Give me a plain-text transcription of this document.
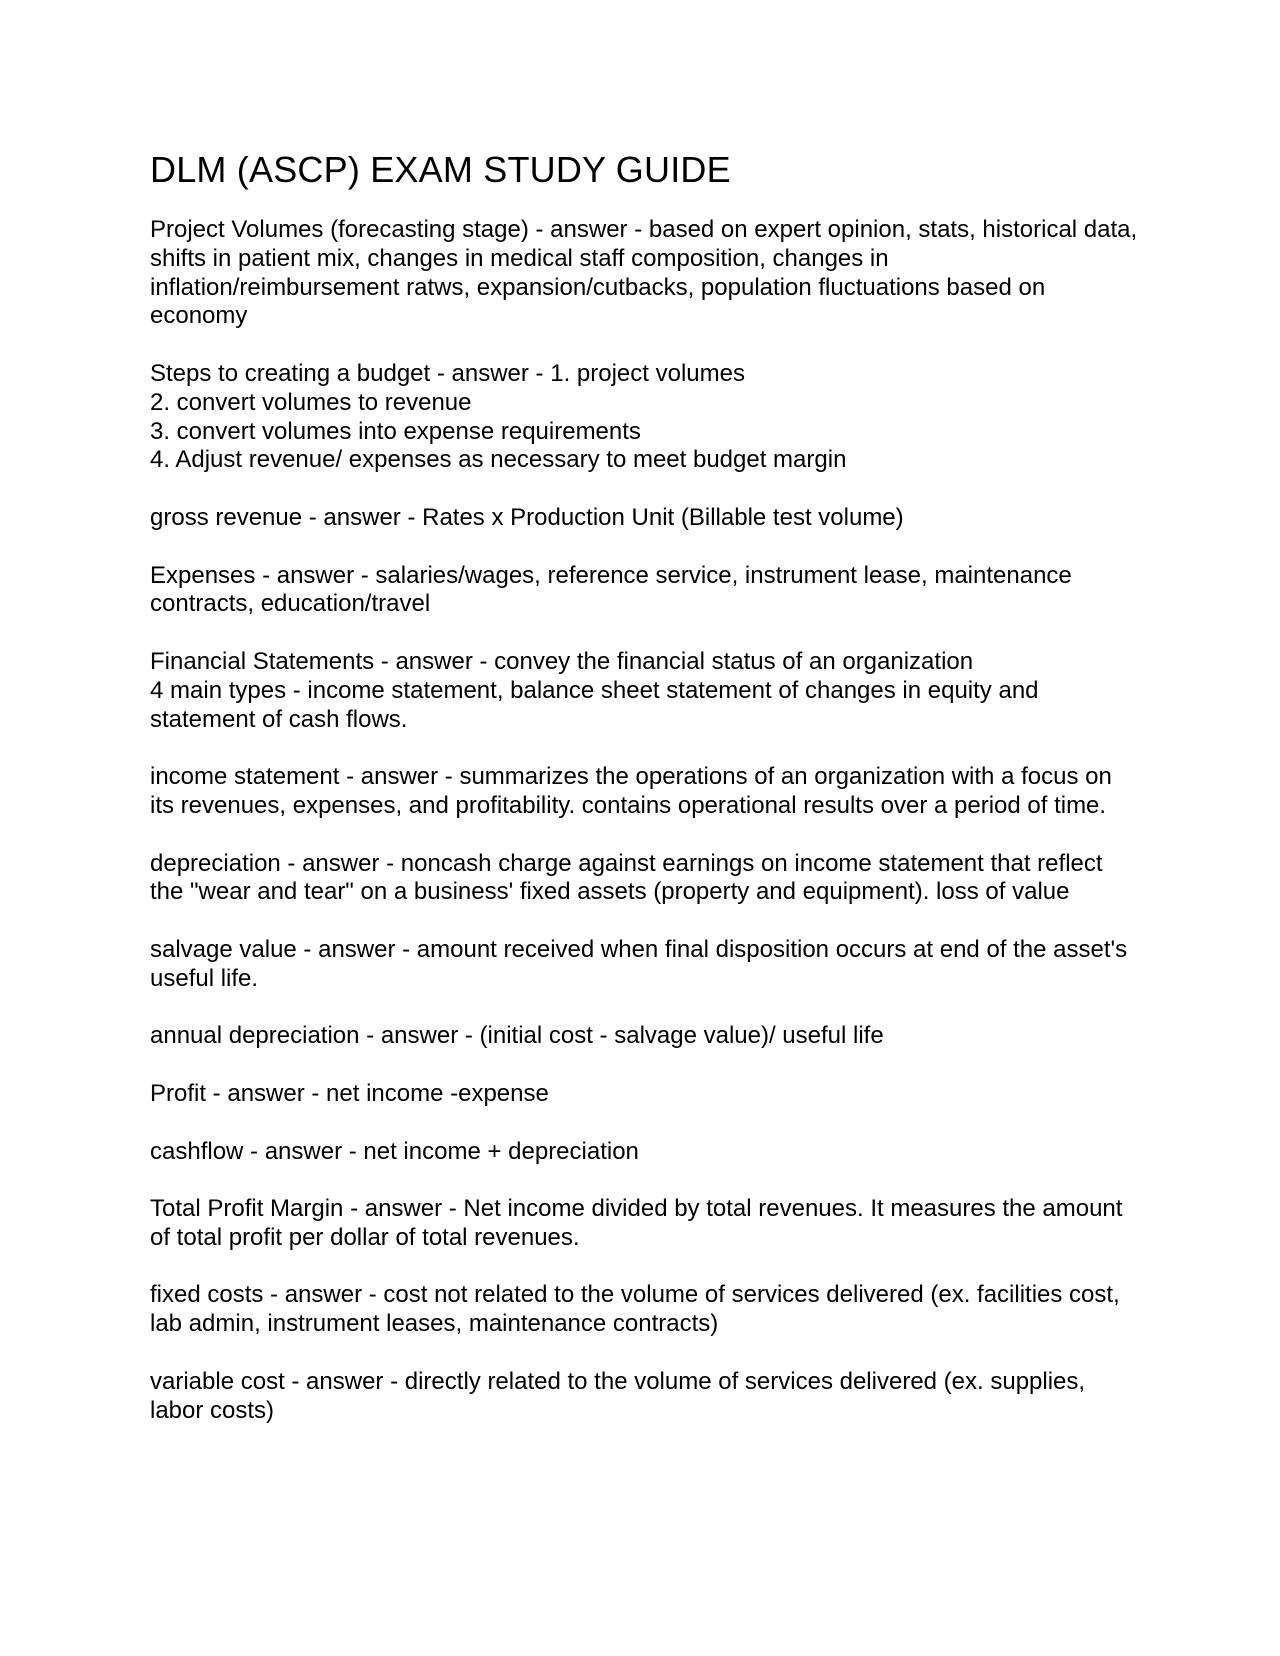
DLM (ASCP) EXAM STUDY GUIDE

Project Volumes (forecasting stage) - answer - based on expert opinion, stats, historical data, shifts in patient mix, changes in medical staff composition, changes in inflation/reimbursement ratws, expansion/cutbacks, population fluctuations based on economy

Steps to creating a budget - answer - 1. project volumes
2. convert volumes to revenue
3. convert volumes into expense requirements
4. Adjust revenue/ expenses as necessary to meet budget margin

gross revenue - answer - Rates x Production Unit (Billable test volume)

Expenses - answer - salaries/wages, reference service, instrument lease, maintenance contracts, education/travel

Financial Statements - answer - convey the financial status of an organization
4 main types - income statement, balance sheet statement of changes in equity and statement of cash flows.

income statement - answer - summarizes the operations of an organization with a focus on its revenues, expenses, and profitability. contains operational results over a period of time.

depreciation - answer - noncash charge against earnings on income statement that reflect the "wear and tear" on a business' fixed assets (property and equipment). loss of value

salvage value - answer - amount received when final disposition occurs at end of the asset's useful life.

annual depreciation - answer - (initial cost - salvage value)/ useful life

Profit - answer - net income -expense

cashflow - answer - net income + depreciation

Total Profit Margin - answer - Net income divided by total revenues. It measures the amount of total profit per dollar of total revenues.

fixed costs - answer - cost not related to the volume of services delivered (ex. facilities cost, lab admin, instrument leases, maintenance contracts)

variable cost - answer - directly related to the volume of services delivered (ex. supplies, labor costs)
